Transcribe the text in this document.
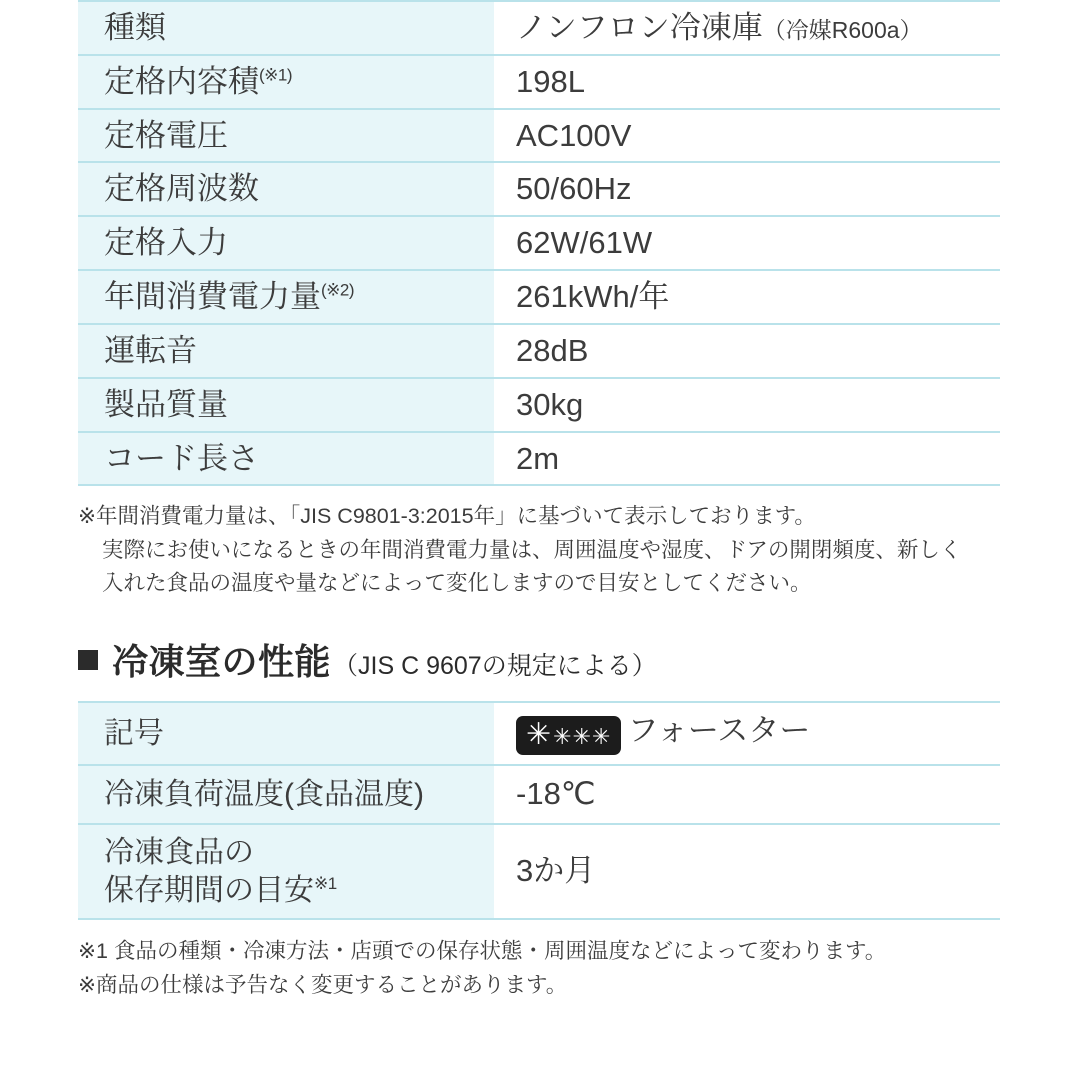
種類	ノンフロン冷凍庫（冷媒R600a）
定格内容積$^{(※1)}$	198L
定格電圧	AC100V
定格周波数	50/60Hz
定格入力	62W/61W
年間消費電力量$^{(※2)}$	261kWh/年
運転音	28dB
製品質量	30kg
コード長さ	2m
※年間消費電力量は、「JIS C9801-3:2015年」に基づいて表示しております。
実際にお使いになるときの年間消費電力量は、周囲温度や湿度、ドアの開閉頻度、新しく
入れた食品の温度や量などによって変化しますので目安としてください。
冷凍室の性能 （JIS C 9607の規定による）
記号	✳✳✳✳ フォースター
冷凍負荷温度(食品温度)	-18℃
冷凍食品の
保存期間の目安$^{※1}$	3か月
※1 食品の種類・冷凍方法・店頭での保存状態・周囲温度などによって変わります。
※商品の仕様は予告なく変更することがあります。
